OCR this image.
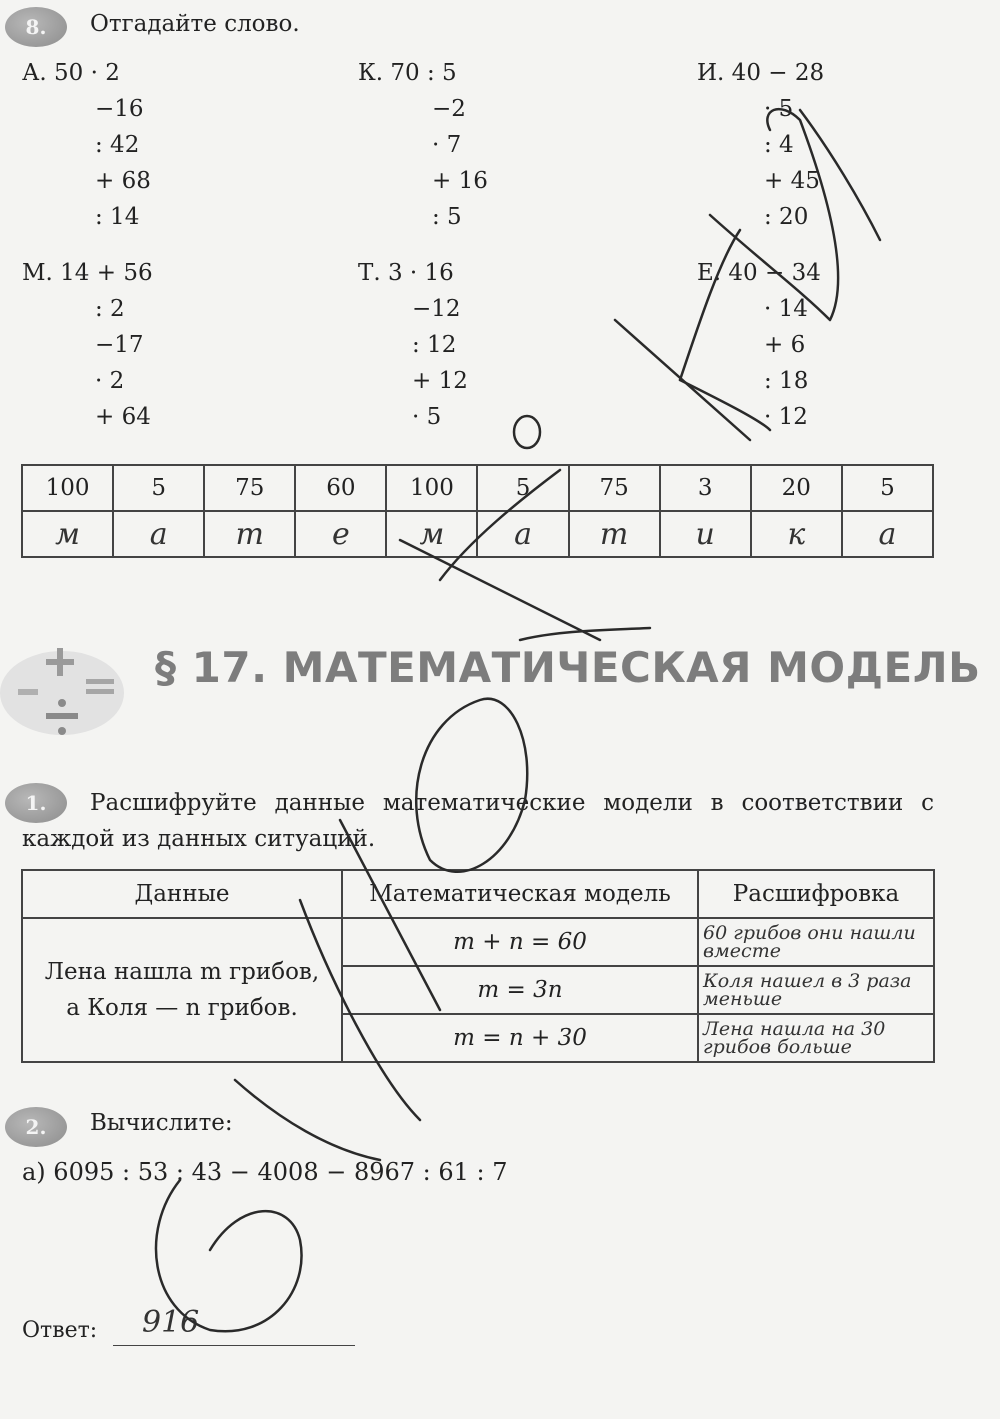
8. Отгадайте слово.
А. 50 · 2
−16
: 42
+ 68
: 14
К. 70 : 5
−2
· 7
+ 16
: 5
И. 40 − 28
· 5
: 4
+ 45
: 20
М. 14 + 56
: 2
−17
· 2
+ 64
Т. 3 · 16
−12
: 12
+ 12
· 5
Е. 40 − 34
· 14
+ 6
: 18
· 12
100	5	75	60	100	5	75	3	20	5
м	а	т	е	м	а	т	и	к	а
§ 17. МАТЕМАТИЧЕСКАЯ МОДЕЛЬ
1.	Расшифруйте данные математические модели в соответствии с каждой из данных ситуаций.
Данные	Математическая модель	Расшифровка

Лена нашла m грибов,
а Коля — n грибов.	m + n = 60	60 грибов они нашли вместе
	m = 3n	Коля нашел в 3 раза меньше
	m = n + 30	Лена нашла на 30 грибов больше
2. Вычислите:
а) 6095 : 53 : 43 − 4008 − 8967 : 61 : 7
Ответ: 916
